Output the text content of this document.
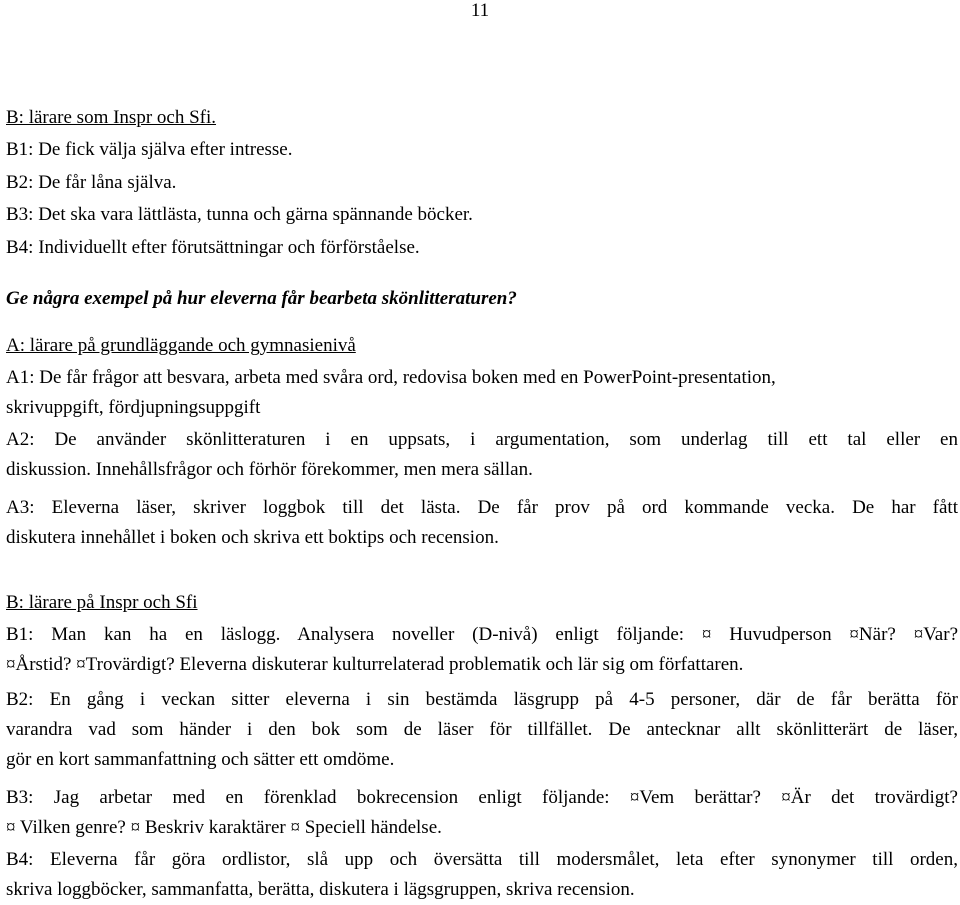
11
B: lärare som Inspr och Sfi.
B1: De fick välja själva efter intresse.
B2: De får låna själva.
B3: Det ska vara lättlästa, tunna och gärna spännande böcker.
B4: Individuellt efter förutsättningar och förförståelse.
Ge några exempel på hur eleverna får bearbeta skönlitteraturen?
A: lärare på grundläggande och gymnasienivå

A1: De får frågor att besvara, arbeta med svåra ord, redovisa boken med en PowerPoint-presentation,
skrivuppgift, fördjupningsuppgift

A2: De använder skönlitteraturen i en uppsats, i argumentation, som underlag till ett tal eller en
diskussion. Innehållsfrågor och förhör förekommer, men mera sällan.

A3: Eleverna läser, skriver loggbok till det lästa. De får prov på ord kommande vecka. De har fått
diskutera innehållet i boken och skriva ett boktips och recension.

B: lärare på Inspr och Sfi

B1: Man kan ha en läslogg. Analysera noveller (D-nivå) enligt följande: ¤ Huvudperson ¤När? ¤Var?
¤Årstid? ¤Trovärdigt? Eleverna diskuterar kulturrelaterad problematik och lär sig om författaren.

B2: En gång i veckan sitter eleverna i sin bestämda läsgrupp på 4-5 personer, där de får berätta för
varandra vad som händer i den bok som de läser för tillfället. De antecknar allt skönlitterärt de läser,
gör en kort sammanfattning och sätter ett omdöme.

B3: Jag arbetar med en förenklad bokrecension enligt följande: ¤Vem berättar? ¤Är det trovärdigt?
¤ Vilken genre? ¤ Beskriv karaktärer ¤ Speciell händelse.

B4: Eleverna får göra ordlistor, slå upp och översätta till modersmålet, leta efter synonymer till orden,
skriva loggböcker, sammanfatta, berätta, diskutera i lägsgruppen, skriva recension.
